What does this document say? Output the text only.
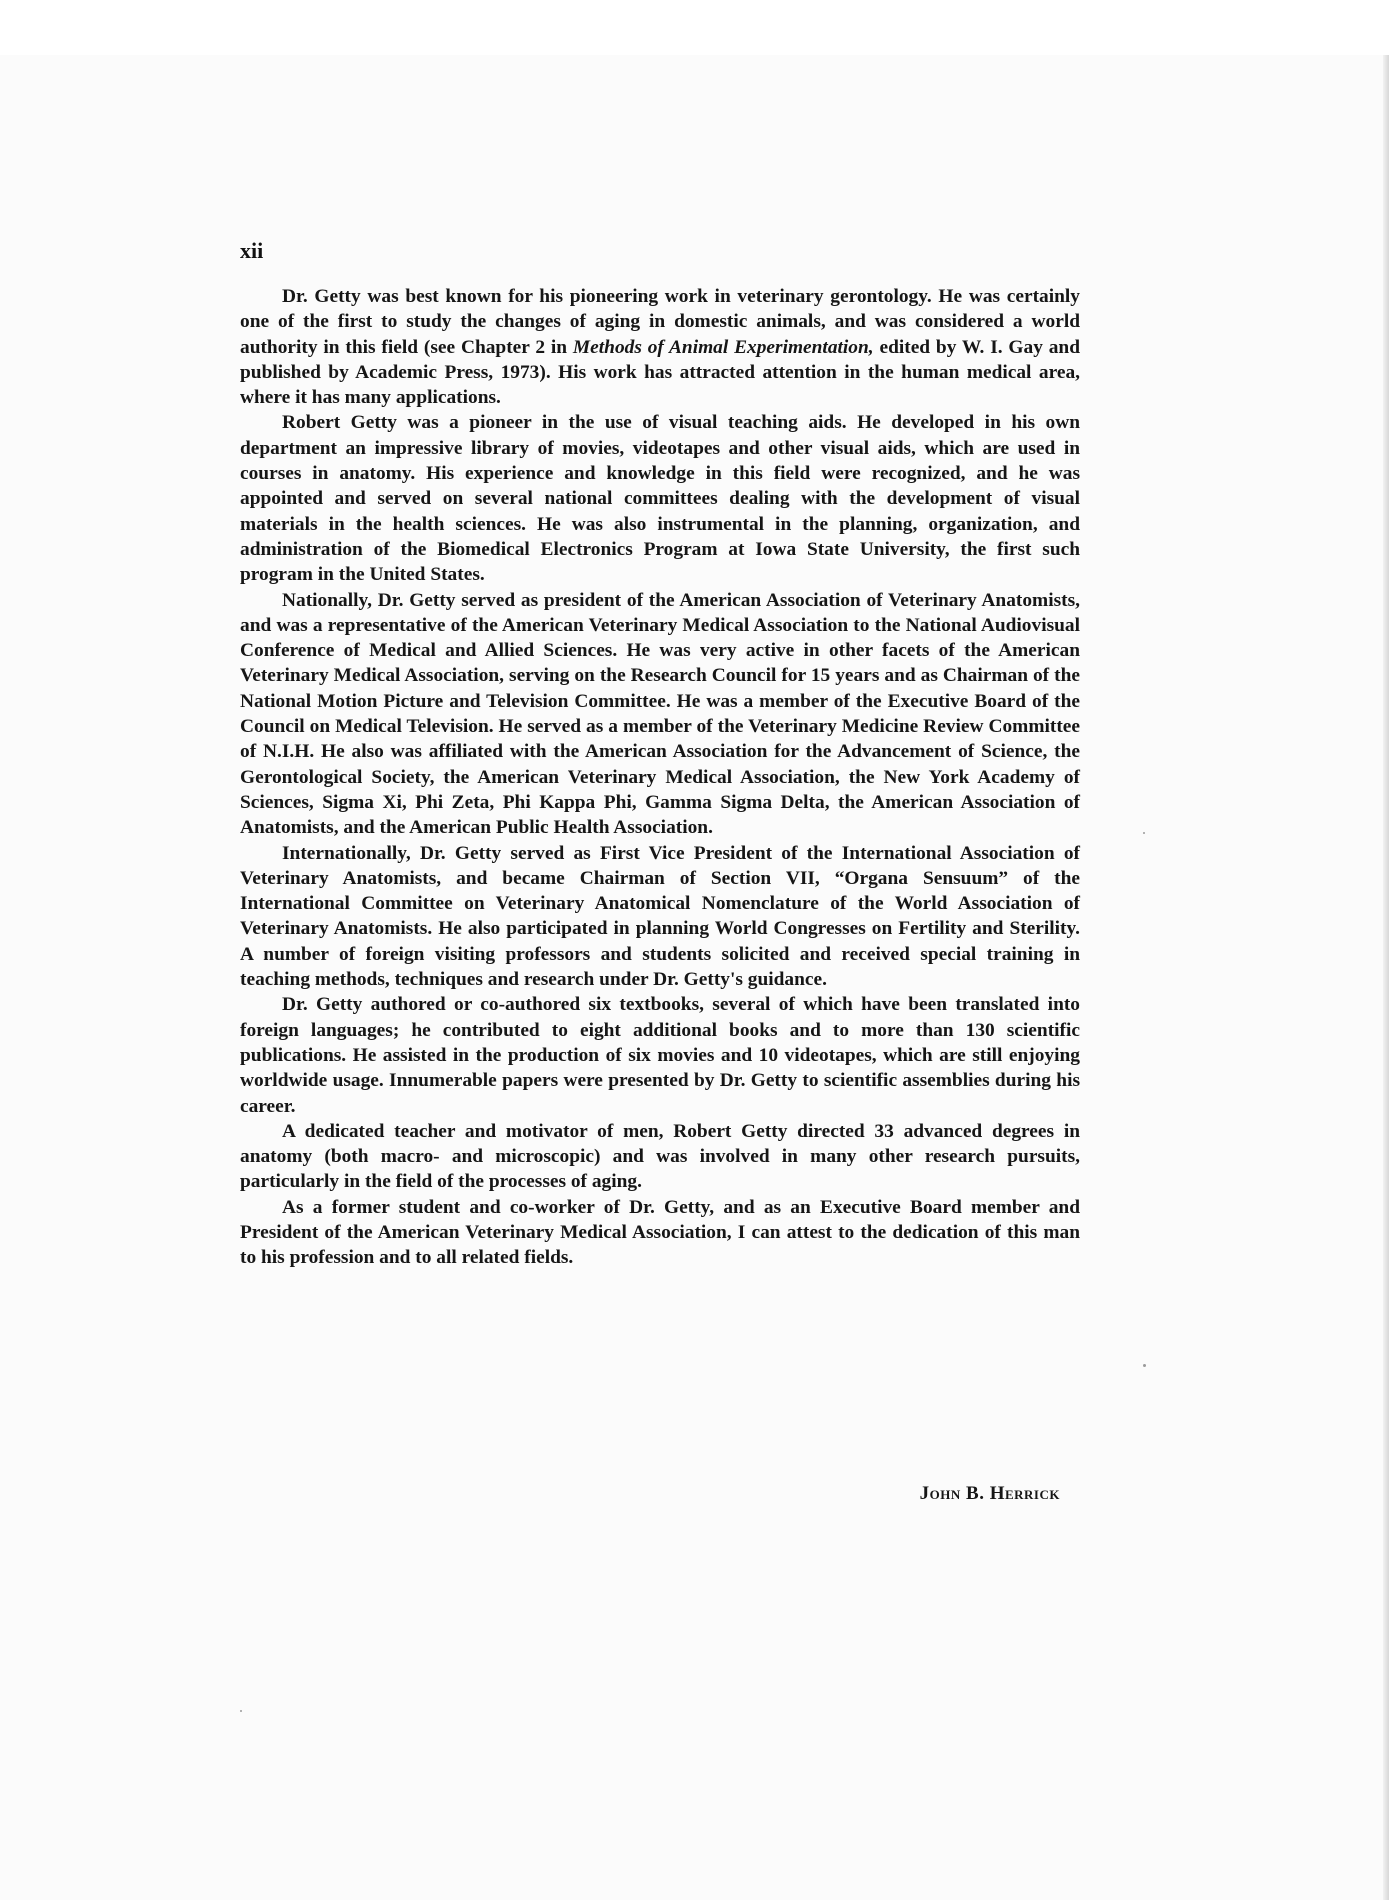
xii

Dr. Getty was best known for his pioneering work in veterinary gerontology. He was certainly one of the first to study the changes of aging in domestic animals, and was considered a world authority in this field (see Chapter 2 in Methods of Animal Experimentation, edited by W. I. Gay and published by Academic Press, 1973). His work has attracted attention in the human medical area, where it has many applications.

Robert Getty was a pioneer in the use of visual teaching aids. He developed in his own department an impressive library of movies, videotapes and other visual aids, which are used in courses in anatomy. His experience and knowledge in this field were recognized, and he was appointed and served on several national committees dealing with the development of visual materials in the health sciences. He was also instrumental in the planning, organization, and administration of the Biomedical Electronics Program at Iowa State University, the first such program in the United States.

Nationally, Dr. Getty served as president of the American Association of Veterinary Anatomists, and was a representative of the American Veterinary Medical Association to the National Audiovisual Conference of Medical and Allied Sciences. He was very active in other facets of the American Veterinary Medical Association, serving on the Research Council for 15 years and as Chairman of the National Motion Picture and Television Committee. He was a member of the Executive Board of the Council on Medical Television. He served as a member of the Veterinary Medicine Review Committee of N.I.H. He also was affiliated with the American Association for the Advancement of Science, the Gerontological Society, the American Veterinary Medical Association, the New York Academy of Sciences, Sigma Xi, Phi Zeta, Phi Kappa Phi, Gamma Sigma Delta, the American Association of Anatomists, and the American Public Health Association.

Internationally, Dr. Getty served as First Vice President of the International Association of Veterinary Anatomists, and became Chairman of Section VII, “Organa Sensuum” of the International Committee on Veterinary Anatomical Nomenclature of the World Association of Veterinary Anatomists. He also participated in planning World Congresses on Fertility and Sterility. A number of foreign visiting professors and students solicited and received special training in teaching methods, techniques and research under Dr. Getty's guidance.

Dr. Getty authored or co-authored six textbooks, several of which have been translated into foreign languages; he contributed to eight additional books and to more than 130 scientific publications. He assisted in the production of six movies and 10 videotapes, which are still enjoying worldwide usage. Innumerable papers were presented by Dr. Getty to scientific assemblies during his career.

A dedicated teacher and motivator of men, Robert Getty directed 33 advanced degrees in anatomy (both macro- and microscopic) and was involved in many other research pursuits, particularly in the field of the processes of aging.

As a former student and co-worker of Dr. Getty, and as an Executive Board member and President of the American Veterinary Medical Association, I can attest to the dedication of this man to his profession and to all related fields.

John B. Herrick
